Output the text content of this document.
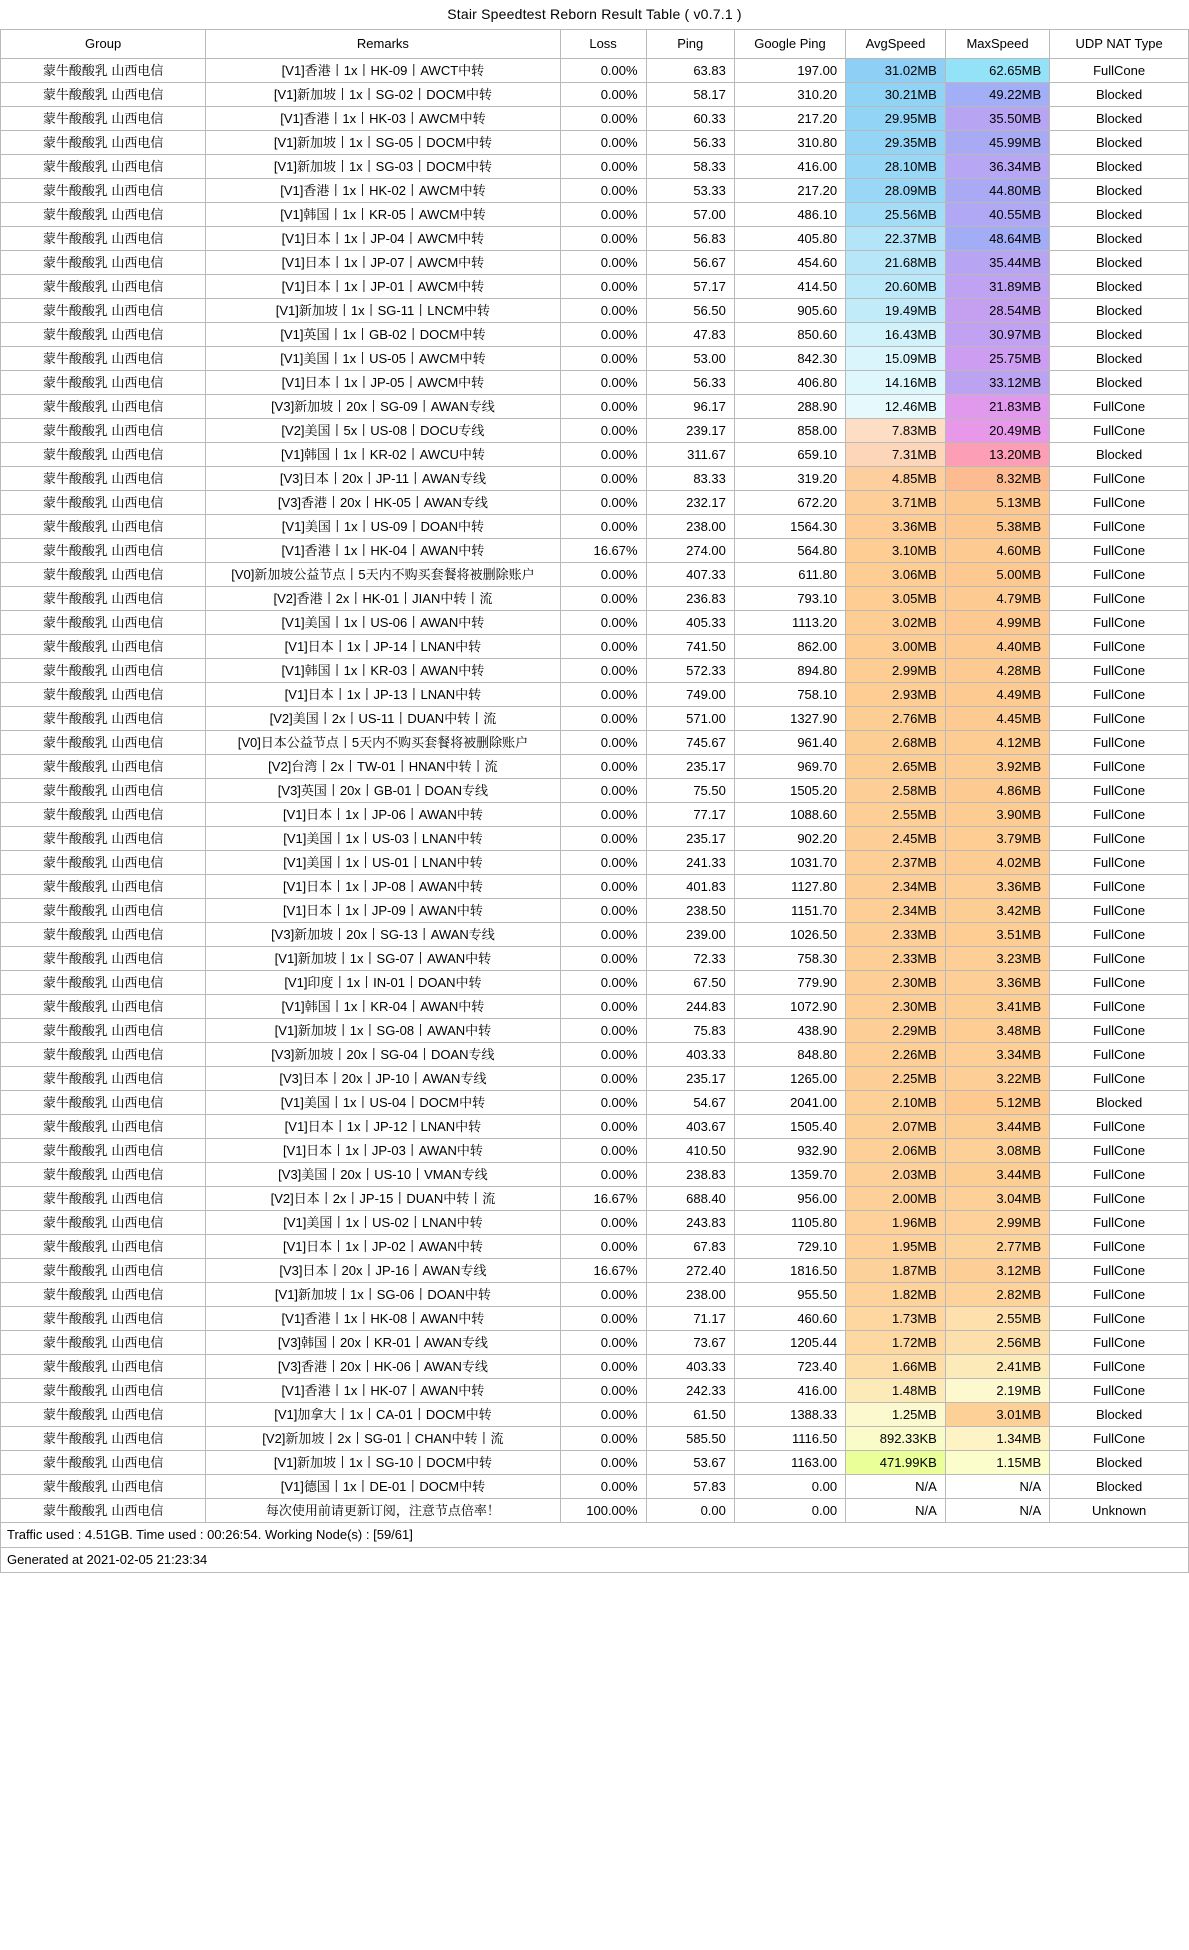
Stair Speedtest Reborn Result Table ( v0.7.1 )
Group	Remarks	Loss	Ping	Google Ping	AvgSpeed	MaxSpeed	UDP NAT Type
蒙牛酸酸乳 山西电信	[V1]香港丨1x丨HK-09丨AWCT中转	0.00%	63.83	197.00	31.02MB	62.65MB	FullCone
蒙牛酸酸乳 山西电信	[V1]新加坡丨1x丨SG-02丨DOCM中转	0.00%	58.17	310.20	30.21MB	49.22MB	Blocked
蒙牛酸酸乳 山西电信	[V1]香港丨1x丨HK-03丨AWCM中转	0.00%	60.33	217.20	29.95MB	35.50MB	Blocked
蒙牛酸酸乳 山西电信	[V1]新加坡丨1x丨SG-05丨DOCM中转	0.00%	56.33	310.80	29.35MB	45.99MB	Blocked
蒙牛酸酸乳 山西电信	[V1]新加坡丨1x丨SG-03丨DOCM中转	0.00%	58.33	416.00	28.10MB	36.34MB	Blocked
蒙牛酸酸乳 山西电信	[V1]香港丨1x丨HK-02丨AWCM中转	0.00%	53.33	217.20	28.09MB	44.80MB	Blocked
蒙牛酸酸乳 山西电信	[V1]韩国丨1x丨KR-05丨AWCM中转	0.00%	57.00	486.10	25.56MB	40.55MB	Blocked
蒙牛酸酸乳 山西电信	[V1]日本丨1x丨JP-04丨AWCM中转	0.00%	56.83	405.80	22.37MB	48.64MB	Blocked
蒙牛酸酸乳 山西电信	[V1]日本丨1x丨JP-07丨AWCM中转	0.00%	56.67	454.60	21.68MB	35.44MB	Blocked
蒙牛酸酸乳 山西电信	[V1]日本丨1x丨JP-01丨AWCM中转	0.00%	57.17	414.50	20.60MB	31.89MB	Blocked
蒙牛酸酸乳 山西电信	[V1]新加坡丨1x丨SG-11丨LNCM中转	0.00%	56.50	905.60	19.49MB	28.54MB	Blocked
蒙牛酸酸乳 山西电信	[V1]英国丨1x丨GB-02丨DOCM中转	0.00%	47.83	850.60	16.43MB	30.97MB	Blocked
蒙牛酸酸乳 山西电信	[V1]美国丨1x丨US-05丨AWCM中转	0.00%	53.00	842.30	15.09MB	25.75MB	Blocked
蒙牛酸酸乳 山西电信	[V1]日本丨1x丨JP-05丨AWCM中转	0.00%	56.33	406.80	14.16MB	33.12MB	Blocked
蒙牛酸酸乳 山西电信	[V3]新加坡丨20x丨SG-09丨AWAN专线	0.00%	96.17	288.90	12.46MB	21.83MB	FullCone
蒙牛酸酸乳 山西电信	[V2]美国丨5x丨US-08丨DOCU专线	0.00%	239.17	858.00	7.83MB	20.49MB	FullCone
蒙牛酸酸乳 山西电信	[V1]韩国丨1x丨KR-02丨AWCU中转	0.00%	311.67	659.10	7.31MB	13.20MB	Blocked
蒙牛酸酸乳 山西电信	[V3]日本丨20x丨JP-11丨AWAN专线	0.00%	83.33	319.20	4.85MB	8.32MB	FullCone
蒙牛酸酸乳 山西电信	[V3]香港丨20x丨HK-05丨AWAN专线	0.00%	232.17	672.20	3.71MB	5.13MB	FullCone
蒙牛酸酸乳 山西电信	[V1]美国丨1x丨US-09丨DOAN中转	0.00%	238.00	1564.30	3.36MB	5.38MB	FullCone
蒙牛酸酸乳 山西电信	[V1]香港丨1x丨HK-04丨AWAN中转	16.67%	274.00	564.80	3.10MB	4.60MB	FullCone
蒙牛酸酸乳 山西电信	[V0]新加坡公益节点丨5天内不购买套餐将被删除账户	0.00%	407.33	611.80	3.06MB	5.00MB	FullCone
蒙牛酸酸乳 山西电信	[V2]香港丨2x丨HK-01丨JIAN中转丨流	0.00%	236.83	793.10	3.05MB	4.79MB	FullCone
蒙牛酸酸乳 山西电信	[V1]美国丨1x丨US-06丨AWAN中转	0.00%	405.33	1113.20	3.02MB	4.99MB	FullCone
蒙牛酸酸乳 山西电信	[V1]日本丨1x丨JP-14丨LNAN中转	0.00%	741.50	862.00	3.00MB	4.40MB	FullCone
蒙牛酸酸乳 山西电信	[V1]韩国丨1x丨KR-03丨AWAN中转	0.00%	572.33	894.80	2.99MB	4.28MB	FullCone
蒙牛酸酸乳 山西电信	[V1]日本丨1x丨JP-13丨LNAN中转	0.00%	749.00	758.10	2.93MB	4.49MB	FullCone
蒙牛酸酸乳 山西电信	[V2]美国丨2x丨US-11丨DUAN中转丨流	0.00%	571.00	1327.90	2.76MB	4.45MB	FullCone
蒙牛酸酸乳 山西电信	[V0]日本公益节点丨5天内不购买套餐将被删除账户	0.00%	745.67	961.40	2.68MB	4.12MB	FullCone
蒙牛酸酸乳 山西电信	[V2]台湾丨2x丨TW-01丨HNAN中转丨流	0.00%	235.17	969.70	2.65MB	3.92MB	FullCone
蒙牛酸酸乳 山西电信	[V3]英国丨20x丨GB-01丨DOAN专线	0.00%	75.50	1505.20	2.58MB	4.86MB	FullCone
蒙牛酸酸乳 山西电信	[V1]日本丨1x丨JP-06丨AWAN中转	0.00%	77.17	1088.60	2.55MB	3.90MB	FullCone
蒙牛酸酸乳 山西电信	[V1]美国丨1x丨US-03丨LNAN中转	0.00%	235.17	902.20	2.45MB	3.79MB	FullCone
蒙牛酸酸乳 山西电信	[V1]美国丨1x丨US-01丨LNAN中转	0.00%	241.33	1031.70	2.37MB	4.02MB	FullCone
蒙牛酸酸乳 山西电信	[V1]日本丨1x丨JP-08丨AWAN中转	0.00%	401.83	1127.80	2.34MB	3.36MB	FullCone
蒙牛酸酸乳 山西电信	[V1]日本丨1x丨JP-09丨AWAN中转	0.00%	238.50	1151.70	2.34MB	3.42MB	FullCone
蒙牛酸酸乳 山西电信	[V3]新加坡丨20x丨SG-13丨AWAN专线	0.00%	239.00	1026.50	2.33MB	3.51MB	FullCone
蒙牛酸酸乳 山西电信	[V1]新加坡丨1x丨SG-07丨AWAN中转	0.00%	72.33	758.30	2.33MB	3.23MB	FullCone
蒙牛酸酸乳 山西电信	[V1]印度丨1x丨IN-01丨DOAN中转	0.00%	67.50	779.90	2.30MB	3.36MB	FullCone
蒙牛酸酸乳 山西电信	[V1]韩国丨1x丨KR-04丨AWAN中转	0.00%	244.83	1072.90	2.30MB	3.41MB	FullCone
蒙牛酸酸乳 山西电信	[V1]新加坡丨1x丨SG-08丨AWAN中转	0.00%	75.83	438.90	2.29MB	3.48MB	FullCone
蒙牛酸酸乳 山西电信	[V3]新加坡丨20x丨SG-04丨DOAN专线	0.00%	403.33	848.80	2.26MB	3.34MB	FullCone
蒙牛酸酸乳 山西电信	[V3]日本丨20x丨JP-10丨AWAN专线	0.00%	235.17	1265.00	2.25MB	3.22MB	FullCone
蒙牛酸酸乳 山西电信	[V1]美国丨1x丨US-04丨DOCM中转	0.00%	54.67	2041.00	2.10MB	5.12MB	Blocked
蒙牛酸酸乳 山西电信	[V1]日本丨1x丨JP-12丨LNAN中转	0.00%	403.67	1505.40	2.07MB	3.44MB	FullCone
蒙牛酸酸乳 山西电信	[V1]日本丨1x丨JP-03丨AWAN中转	0.00%	410.50	932.90	2.06MB	3.08MB	FullCone
蒙牛酸酸乳 山西电信	[V3]美国丨20x丨US-10丨VMAN专线	0.00%	238.83	1359.70	2.03MB	3.44MB	FullCone
蒙牛酸酸乳 山西电信	[V2]日本丨2x丨JP-15丨DUAN中转丨流	16.67%	688.40	956.00	2.00MB	3.04MB	FullCone
蒙牛酸酸乳 山西电信	[V1]美国丨1x丨US-02丨LNAN中转	0.00%	243.83	1105.80	1.96MB	2.99MB	FullCone
蒙牛酸酸乳 山西电信	[V1]日本丨1x丨JP-02丨AWAN中转	0.00%	67.83	729.10	1.95MB	2.77MB	FullCone
蒙牛酸酸乳 山西电信	[V3]日本丨20x丨JP-16丨AWAN专线	16.67%	272.40	1816.50	1.87MB	3.12MB	FullCone
蒙牛酸酸乳 山西电信	[V1]新加坡丨1x丨SG-06丨DOAN中转	0.00%	238.00	955.50	1.82MB	2.82MB	FullCone
蒙牛酸酸乳 山西电信	[V1]香港丨1x丨HK-08丨AWAN中转	0.00%	71.17	460.60	1.73MB	2.55MB	FullCone
蒙牛酸酸乳 山西电信	[V3]韩国丨20x丨KR-01丨AWAN专线	0.00%	73.67	1205.44	1.72MB	2.56MB	FullCone
蒙牛酸酸乳 山西电信	[V3]香港丨20x丨HK-06丨AWAN专线	0.00%	403.33	723.40	1.66MB	2.41MB	FullCone
蒙牛酸酸乳 山西电信	[V1]香港丨1x丨HK-07丨AWAN中转	0.00%	242.33	416.00	1.48MB	2.19MB	FullCone
蒙牛酸酸乳 山西电信	[V1]加拿大丨1x丨CA-01丨DOCM中转	0.00%	61.50	1388.33	1.25MB	3.01MB	Blocked
蒙牛酸酸乳 山西电信	[V2]新加坡丨2x丨SG-01丨CHAN中转丨流	0.00%	585.50	1116.50	892.33KB	1.34MB	FullCone
蒙牛酸酸乳 山西电信	[V1]新加坡丨1x丨SG-10丨DOCM中转	0.00%	53.67	1163.00	471.99KB	1.15MB	Blocked
蒙牛酸酸乳 山西电信	[V1]德国丨1x丨DE-01丨DOCM中转	0.00%	57.83	0.00	N/A	N/A	Blocked
蒙牛酸酸乳 山西电信	每次使用前请更新订阅，注意节点倍率！	100.00%	0.00	0.00	N/A	N/A	Unknown
Traffic used : 4.51GB. Time used : 00:26:54. Working Node(s) : [59/61]
Generated at 2021-02-05 21:23:34
